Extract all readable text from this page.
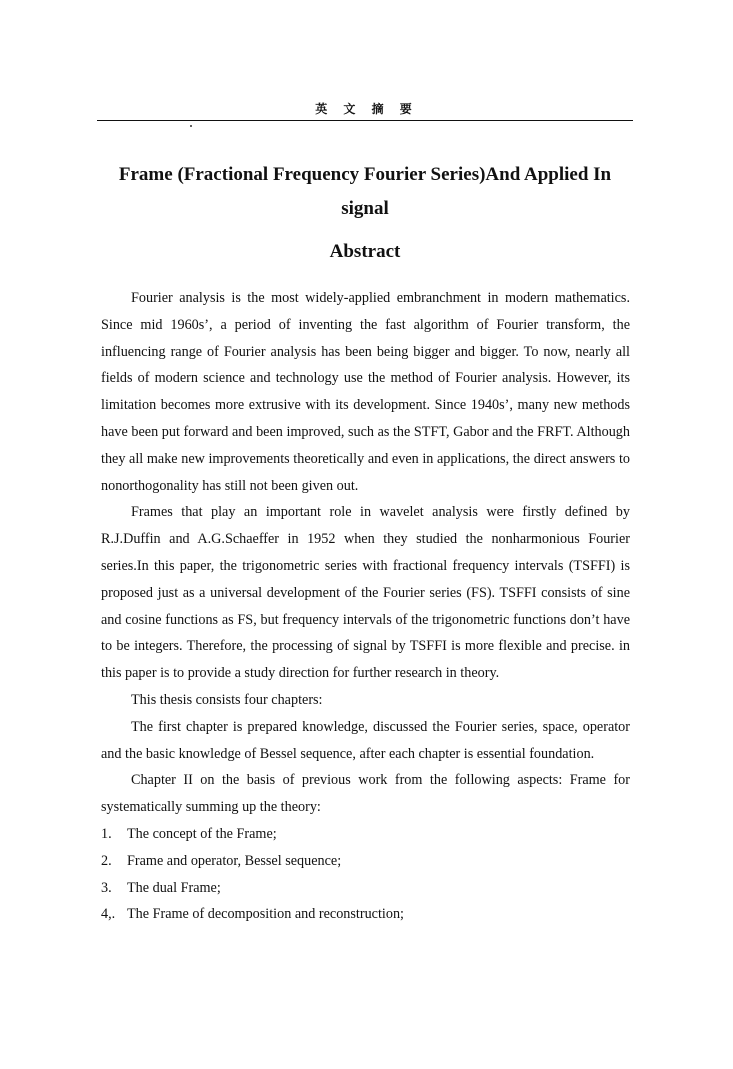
英 文 摘 要
Frame (Fractional Frequency Fourier Series)And Applied In
signal
Abstract

Fourier analysis is the most widely-applied embranchment in modern mathematics. Since mid 1960s’, a period of inventing the fast algorithm of Fourier transform, the influencing range of Fourier analysis has been being bigger and bigger. To now, nearly all fields of modern science and technology use the method of Fourier analysis. However, its limitation becomes more extrusive with its development. Since 1940s’, many new methods have been put forward and been improved, such as the STFT, Gabor and the FRFT. Although they all make new improvements theoretically and even in applications, the direct answers to nonorthogonality has still not been given out.

Frames that play an important role in wavelet analysis were firstly defined by R.J.Duffin and A.G.Schaeffer in 1952 when they studied the nonharmonious Fourier series.In this paper, the trigonometric series with fractional frequency intervals (TSFFI) is proposed just as a universal development of the Fourier series (FS). TSFFI consists of sine and cosine functions as FS, but frequency intervals of the trigonometric functions don’t have to be integers. Therefore, the processing of signal by TSFFI is more flexible and precise. in this paper is to provide a study direction for further research in theory.

This thesis consists four chapters:

The first chapter is prepared knowledge, discussed the Fourier series, space, operator and the basic knowledge of Bessel sequence, after each chapter is essential foundation.

Chapter II on the basis of previous work from the following aspects: Frame for systematically summing up the theory:

1.	The concept of the Frame;
2.	Frame and operator, Bessel sequence;
3.	The dual Frame;
4,. The Frame of decomposition and reconstruction;
